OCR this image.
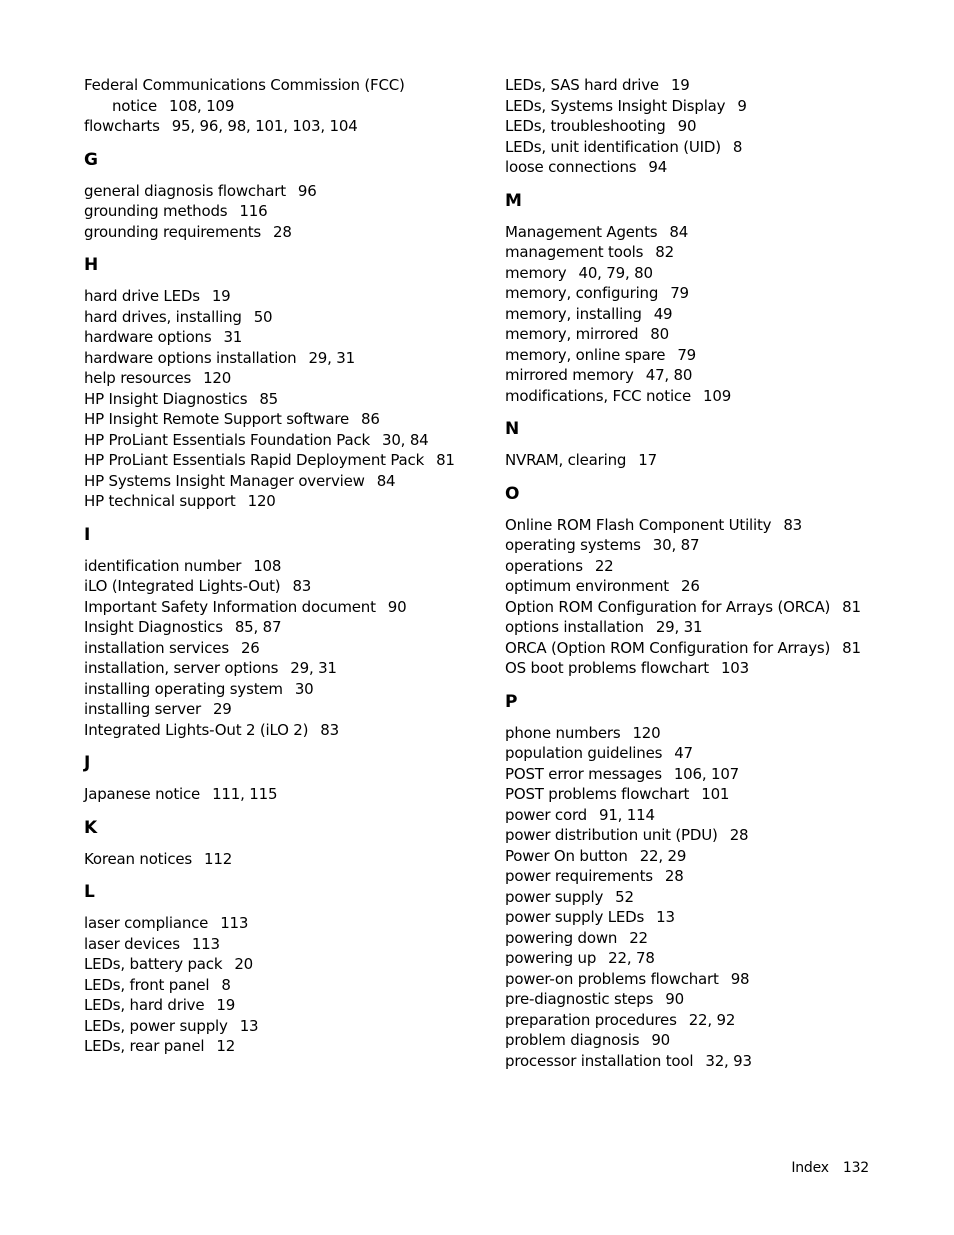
Federal Communications Commission (FCC)
notice 108, 109
flowcharts 95, 96, 98, 101, 103, 104
G
general diagnosis flowchart 96
grounding methods 116
grounding requirements 28
H
hard drive LEDs 19
hard drives, installing 50
hardware options 31
hardware options installation 29, 31
help resources 120
HP Insight Diagnostics 85
HP Insight Remote Support software 86
HP ProLiant Essentials Foundation Pack 30, 84
HP ProLiant Essentials Rapid Deployment Pack 81
HP Systems Insight Manager overview 84
HP technical support 120
I
identification number 108
iLO (Integrated Lights-Out) 83
Important Safety Information document 90
Insight Diagnostics 85, 87
installation services 26
installation, server options 29, 31
installing operating system 30
installing server 29
Integrated Lights-Out 2 (iLO 2) 83
J
Japanese notice 111, 115
K
Korean notices 112
L
laser compliance 113
laser devices 113
LEDs, battery pack 20
LEDs, front panel 8
LEDs, hard drive 19
LEDs, power supply 13
LEDs, rear panel 12
LEDs, SAS hard drive 19
LEDs, Systems Insight Display 9
LEDs, troubleshooting 90
LEDs, unit identification (UID) 8
loose connections 94
M
Management Agents 84
management tools 82
memory 40, 79, 80
memory, configuring 79
memory, installing 49
memory, mirrored 80
memory, online spare 79
mirrored memory 47, 80
modifications, FCC notice 109
N
NVRAM, clearing 17
O
Online ROM Flash Component Utility 83
operating systems 30, 87
operations 22
optimum environment 26
Option ROM Configuration for Arrays (ORCA) 81
options installation 29, 31
ORCA (Option ROM Configuration for Arrays) 81
OS boot problems flowchart 103
P
phone numbers 120
population guidelines 47
POST error messages 106, 107
POST problems flowchart 101
power cord 91, 114
power distribution unit (PDU) 28
Power On button 22, 29
power requirements 28
power supply 52
power supply LEDs 13
powering down 22
powering up 22, 78
power-on problems flowchart 98
pre-diagnostic steps 90
preparation procedures 22, 92
problem diagnosis 90
processor installation tool 32, 93
Index 132
